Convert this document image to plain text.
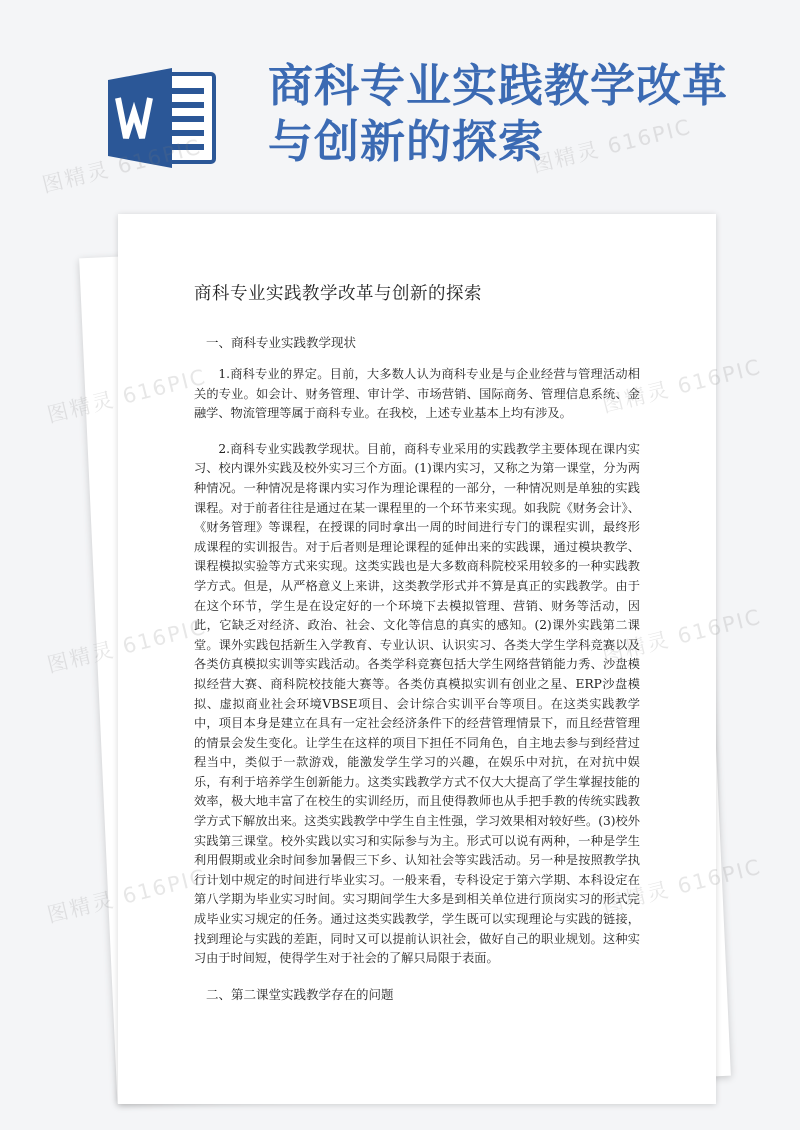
商科专业实践教学改革与创新的探索
商科专业实践教学改革与创新的探索
一、商科专业实践教学现状

1.商科专业的界定。目前，大多数人认为商科专业是与企业经营与管理活动相关的专业。如会计、财务管理、审计学、市场营销、国际商务、管理信息系统、金融学、物流管理等属于商科专业。在我校，上述专业基本上均有涉及。

2.商科专业实践教学现状。目前，商科专业采用的实践教学主要体现在课内实习、校内课外实践及校外实习三个方面。(1)课内实习，又称之为第一课堂，分为两种情况。一种情况是将课内实习作为理论课程的一部分，一种情况则是单独的实践课程。对于前者往往是通过在某一课程里的一个环节来实现。如我院《财务会计》、《财务管理》等课程，在授课的同时拿出一周的时间进行专门的课程实训，最终形成课程的实训报告。对于后者则是理论课程的延伸出来的实践课，通过模块教学、课程模拟实验等方式来实现。这类实践也是大多数商科院校采用较多的一种实践教学方式。但是，从严格意义上来讲，这类教学形式并不算是真正的实践教学。由于在这个环节，学生是在设定好的一个环境下去模拟管理、营销、财务等活动，因此，它缺乏对经济、政治、社会、文化等信息的真实的感知。(2)课外实践第二课堂。课外实践包括新生入学教育、专业认识、认识实习、各类大学生学科竞赛以及各类仿真模拟实训等实践活动。各类学科竞赛包括大学生网络营销能力秀、沙盘模拟经营大赛、商科院校技能大赛等。各类仿真模拟实训有创业之星、ERP沙盘模拟、虚拟商业社会环境VBSE项目、会计综合实训平台等项目。在这类实践教学中，项目本身是建立在具有一定社会经济条件下的经营管理情景下，而且经营管理的情景会发生变化。让学生在这样的项目下担任不同角色，自主地去参与到经营过程当中，类似于一款游戏，能激发学生学习的兴趣，在娱乐中对抗，在对抗中娱乐，有利于培养学生创新能力。这类实践教学方式不仅大大提高了学生掌握技能的效率，极大地丰富了在校生的实训经历，而且使得教师也从手把手教的传统实践教学方式下解放出来。这类实践教学中学生自主性强，学习效果相对较好些。(3)校外实践第三课堂。校外实践以实习和实际参与为主。形式可以说有两种，一种是学生利用假期或业余时间参加暑假三下乡、认知社会等实践活动。另一种是按照教学执行计划中规定的时间进行毕业实习。一般来看，专科设定于第六学期、本科设定在第八学期为毕业实习时间。实习期间学生大多是到相关单位进行顶岗实习的形式完成毕业实习规定的任务。通过这类实践教学，学生既可以实现理论与实践的链接，找到理论与实践的差距，同时又可以提前认识社会，做好自己的职业规划。这种实习由于时间短，使得学生对于社会的了解只局限于表面。

二、第二课堂实践教学存在的问题
图精灵 616PIC	图精灵 616PIC
图精灵
616PIC
图精灵
616PIC
图精灵
